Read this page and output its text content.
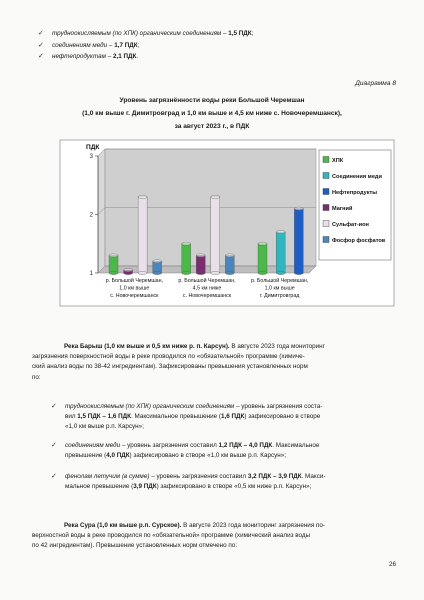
✓ трудноокисляемым (по ХПК) органическим соединениям – 1,5 ПДК;
✓ соединениям меди – 1,7 ПДК;
✓ нефтепродуктам – 2,1 ПДК.
Диаграмма 8
Уровень загрязнённости воды реки Большой Черемшан
(1,0 км выше г. Димитровград и 1,0 км выше и 4,5 км ниже с. Новочеремшанск),
за август 2023 г., в ПДК
1
2
3
ПДК
р. Большой Черемшан,
1,0 км выше
с. Новочеремшанск
р. Большой Черемшан,
4,5 км ниже
с. Новочеремшанск
р. Большой Черемшан,
1,0 км выше
г. Димитровград
ХПК
Соединения меди
Нефтепродукты
Магний
Сульфат-ион
Фосфор фосфатов
Река Барыш (1,0 км выше и 0,5 км ниже р. п. Карсун). В августе 2023 года мониторинг
загрязнения поверхностной воды в реке проводился по «обязательной» программе (химиче-
ский анализ воды по 38-42 ингредиентам). Зафиксированы превышения установленных норм
по:
✓ трудноокисляемым (по ХПК) органическим соединениям – уровень загрязнения соста-
вил 1,5 ПДК – 1,6 ПДК. Максимальное превышение (1,6 ПДК) зафиксировано в створе
«1,0 км выше р.п. Карсун»;
✓ соединениям меди – уровень загрязнения составил 1,2 ПДК – 4,0 ПДК. Максимальное
превышение (4,0 ПДК) зафиксировано в створе «1,0 км выше р.п. Карсун»;
✓ фенолам летучим (в сумме) – уровень загрязнения составил 3,2 ПДК – 3,9 ПДК. Макси-
мальное превышение (3,9 ПДК) зафиксировано в створе «0,5 км ниже р.п. Карсун»;
Река Сура (1,0 км выше р.п. Сурское). В августе 2023 года мониторинг загрязнения по-
верхностной воды в реке проводился по «обязательной» программе (химический анализ воды
по 42 ингредиентам). Превышение установленных норм отмечено по:
26
